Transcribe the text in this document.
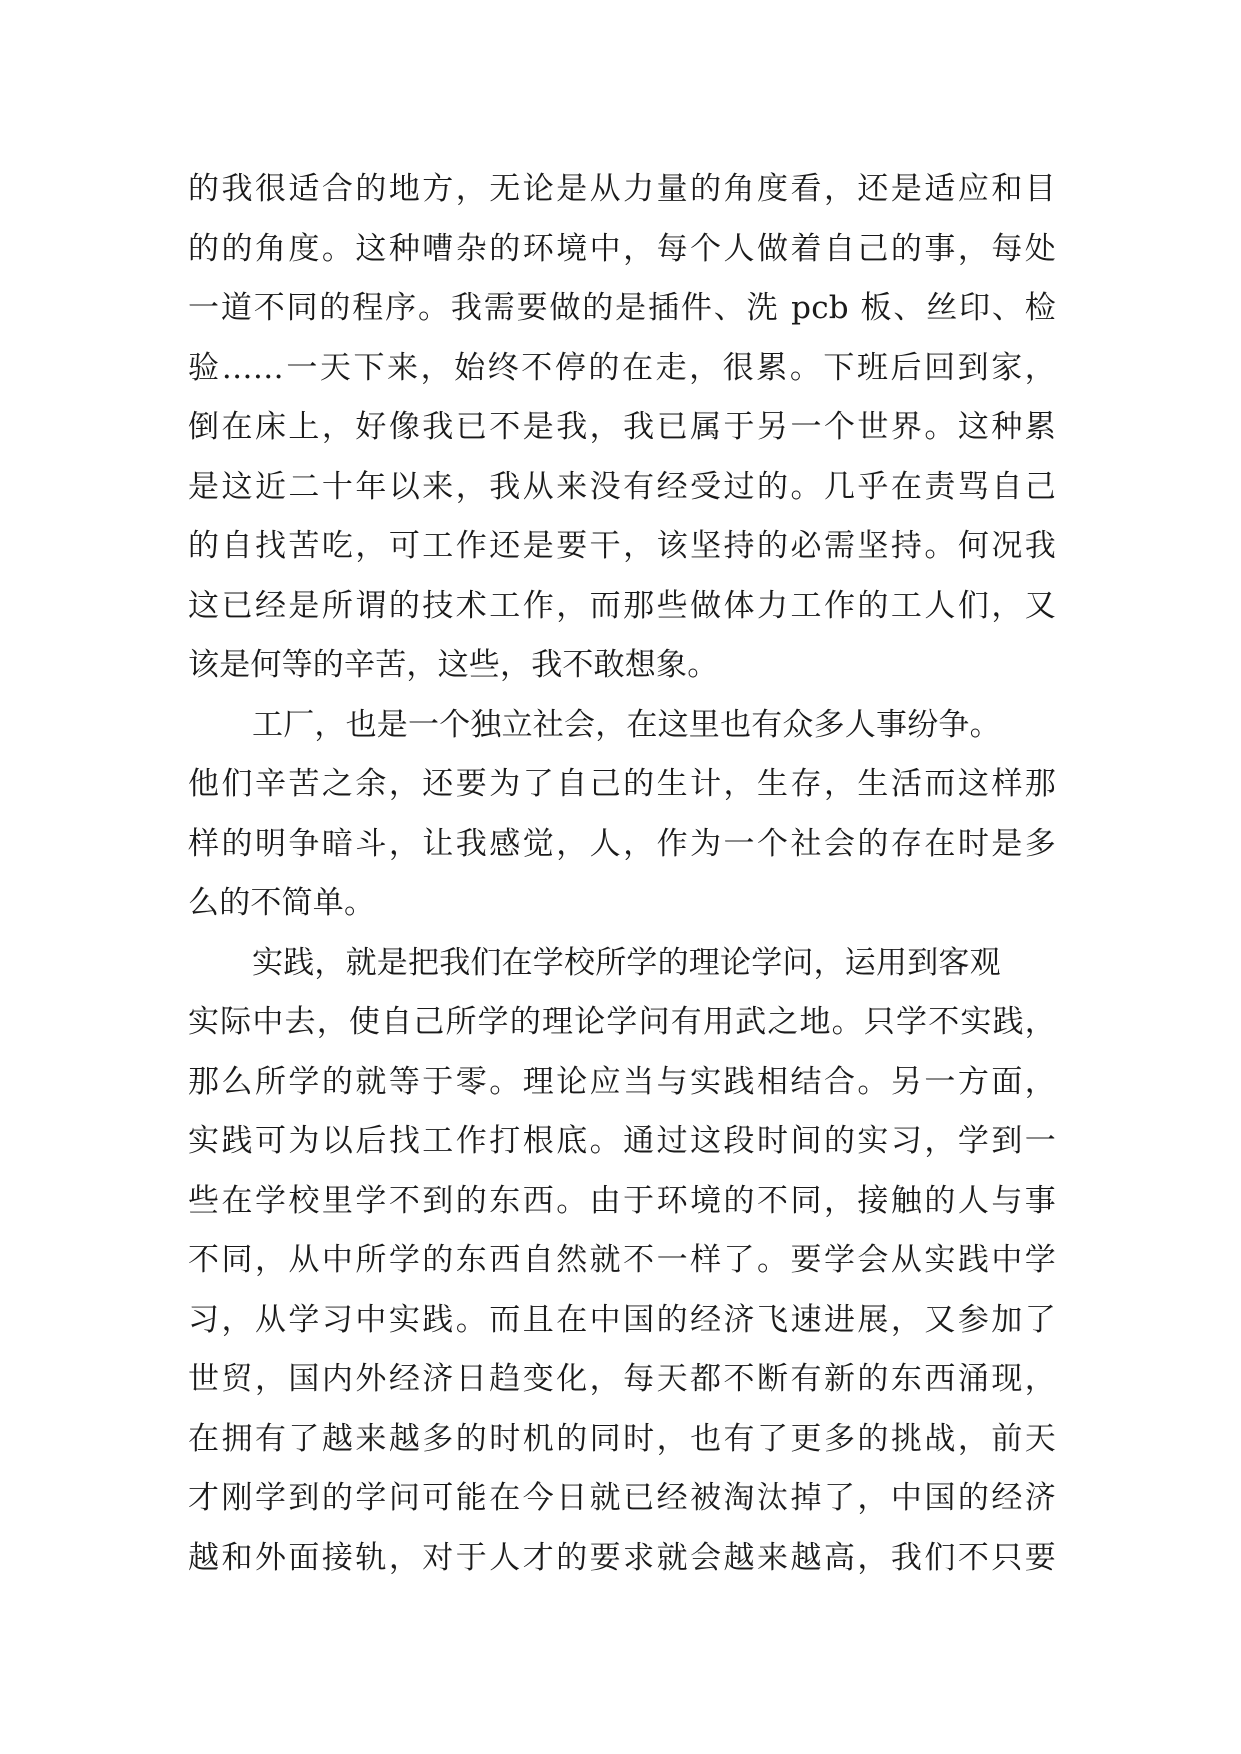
的我很适合的地方，无论是从力量的角度看，还是适应和目
的的角度。这种嘈杂的环境中，每个人做着自己的事，每处
一道不同的程序。我需要做的是插件、洗 pcb 板、丝印、检
验……一天下来，始终不停的在走，很累。下班后回到家，
倒在床上，好像我已不是我，我已属于另一个世界。这种累
是这近二十年以来，我从来没有经受过的。几乎在责骂自己
的自找苦吃，可工作还是要干，该坚持的必需坚持。何况我
这已经是所谓的技术工作，而那些做体力工作的工人们，又
该是何等的辛苦，这些，我不敢想象。
工厂，也是一个独立社会，在这里也有众多人事纷争。
他们辛苦之余，还要为了自己的生计，生存，生活而这样那
样的明争暗斗，让我感觉，人，作为一个社会的存在时是多
么的不简单。
实践，就是把我们在学校所学的理论学问，运用到客观
实际中去，使自己所学的理论学问有用武之地。只学不实践，
那么所学的就等于零。理论应当与实践相结合。另一方面，
实践可为以后找工作打根底。通过这段时间的实习，学到一
些在学校里学不到的东西。由于环境的不同，接触的人与事
不同，从中所学的东西自然就不一样了。要学会从实践中学
习，从学习中实践。而且在中国的经济飞速进展，又参加了
世贸，国内外经济日趋变化，每天都不断有新的东西涌现，
在拥有了越来越多的时机的同时，也有了更多的挑战，前天
才刚学到的学问可能在今日就已经被淘汰掉了，中国的经济
越和外面接轨，对于人才的要求就会越来越高，我们不只要
